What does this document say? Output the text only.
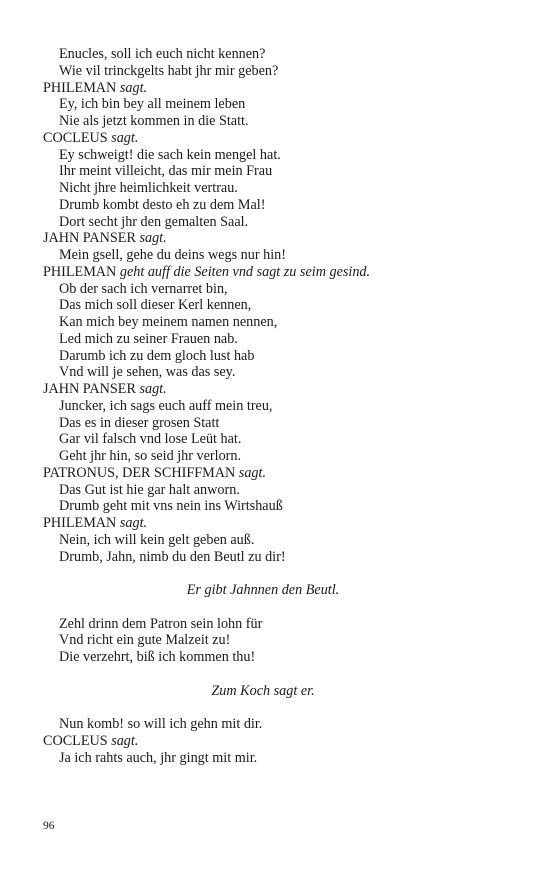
Enucles, soll ich euch nicht kennen?
Wie vil trinckgelts habt jhr mir geben?
PHILEMAN sagt.
Ey, ich bin bey all meinem leben
Nie als jetzt kommen in die Statt.
COCLEUS sagt.
Ey schweigt! die sach kein mengel hat.
Ihr meint villeicht, das mir mein Frau
Nicht jhre heimlichkeit vertrau.
Drumb kombt desto eh zu dem Mal!
Dort secht jhr den gemalten Saal.
JAHN PANSER sagt.
Mein gsell, gehe du deins wegs nur hin!
PHILEMAN geht auff die Seiten vnd sagt zu seim gesind.
Ob der sach ich vernarret bin,
Das mich soll dieser Kerl kennen,
Kan mich bey meinem namen nennen,
Led mich zu seiner Frauen nab.
Darumb ich zu dem gloch lust hab
Vnd will je sehen, was das sey.
JAHN PANSER sagt.
Juncker, ich sags euch auff mein treu,
Das es in dieser grosen Statt
Gar vil falsch vnd lose Leüt hat.
Geht jhr hin, so seid jhr verlorn.
PATRONUS, DER SCHIFFMAN sagt.
Das Gut ist hie gar halt anworn.
Drumb geht mit vns nein ins Wirtshauß
PHILEMAN sagt.
Nein, ich will kein gelt geben auß.
Drumb, Jahn, nimb du den Beutl zu dir!
Er gibt Jahnnen den Beutl.
Zehl drinn dem Patron sein lohn für
Vnd richt ein gute Malzeit zu!
Die verzehrt, biß ich kommen thu!
Zum Koch sagt er.
Nun komb! so will ich gehn mit dir.
COCLEUS sagt.
Ja ich rahts auch, jhr gingt mit mir.
96
